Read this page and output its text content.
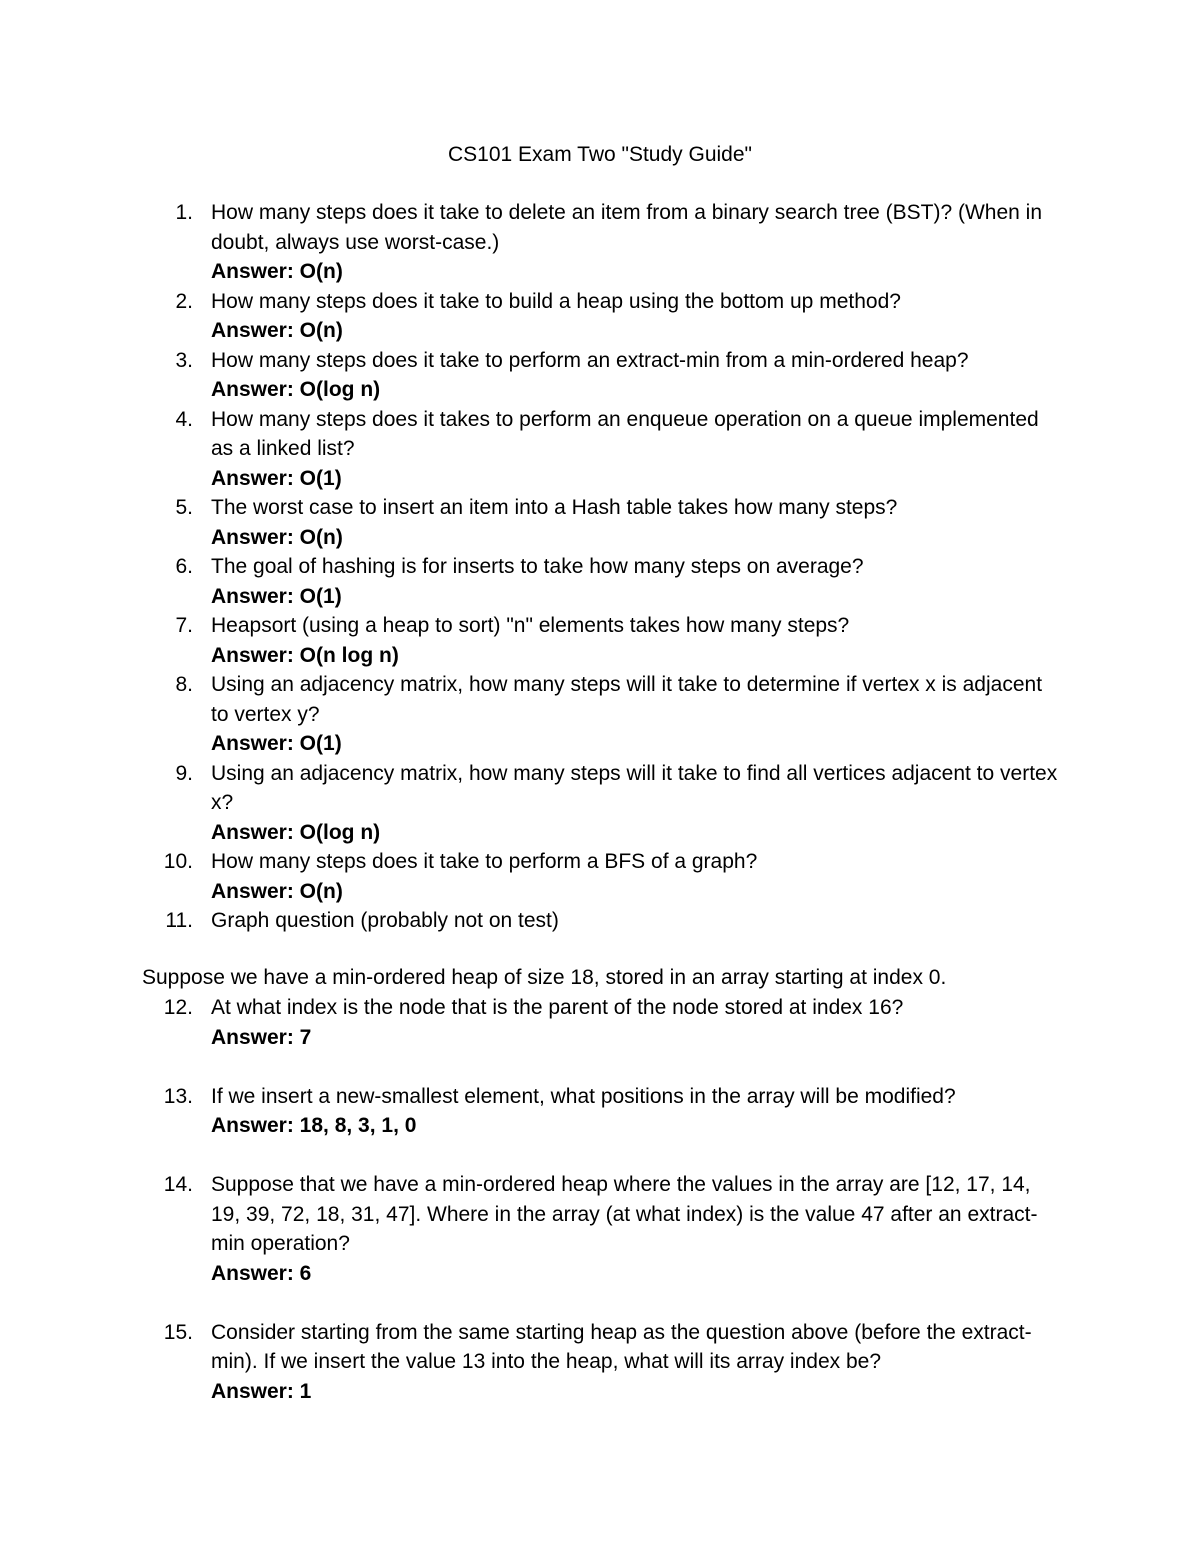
CS101 Exam Two "Study Guide"
1. How many steps does it take to delete an item from a binary search tree (BST)? (When in doubt, always use worst-case.)
Answer: O(n)
2. How many steps does it take to build a heap using the bottom up method?
Answer: O(n)
3. How many steps does it take to perform an extract-min from a min-ordered heap?
Answer: O(log n)
4. How many steps does it takes to perform an enqueue operation on a queue implemented as a linked list?
Answer: O(1)
5. The worst case to insert an item into a Hash table takes how many steps?
Answer: O(n)
6. The goal of hashing is for inserts to take how many steps on average?
Answer: O(1)
7. Heapsort (using a heap to sort) "n" elements takes how many steps?
Answer: O(n log n)
8. Using an adjacency matrix, how many steps will it take to determine if vertex x is adjacent to vertex y?
Answer: O(1)
9. Using an adjacency matrix, how many steps will it take to find all vertices adjacent to vertex x?
Answer: O(log n)
10. How many steps does it take to perform a BFS of a graph?
Answer: O(n)
11. Graph question (probably not on test)
Suppose we have a min-ordered heap of size 18, stored in an array starting at index 0.
12. At what index is the node that is the parent of the node stored at index 16?
Answer: 7
13. If we insert a new-smallest element, what positions in the array will be modified?
Answer: 18, 8, 3, 1, 0
14. Suppose that we have a min-ordered heap where the values in the array are [12, 17, 14, 19, 39, 72, 18, 31, 47]. Where in the array (at what index) is the value 47 after an extract-min operation?
Answer: 6
15. Consider starting from the same starting heap as the question above (before the extract-min). If we insert the value 13 into the heap, what will its array index be?
Answer: 1
